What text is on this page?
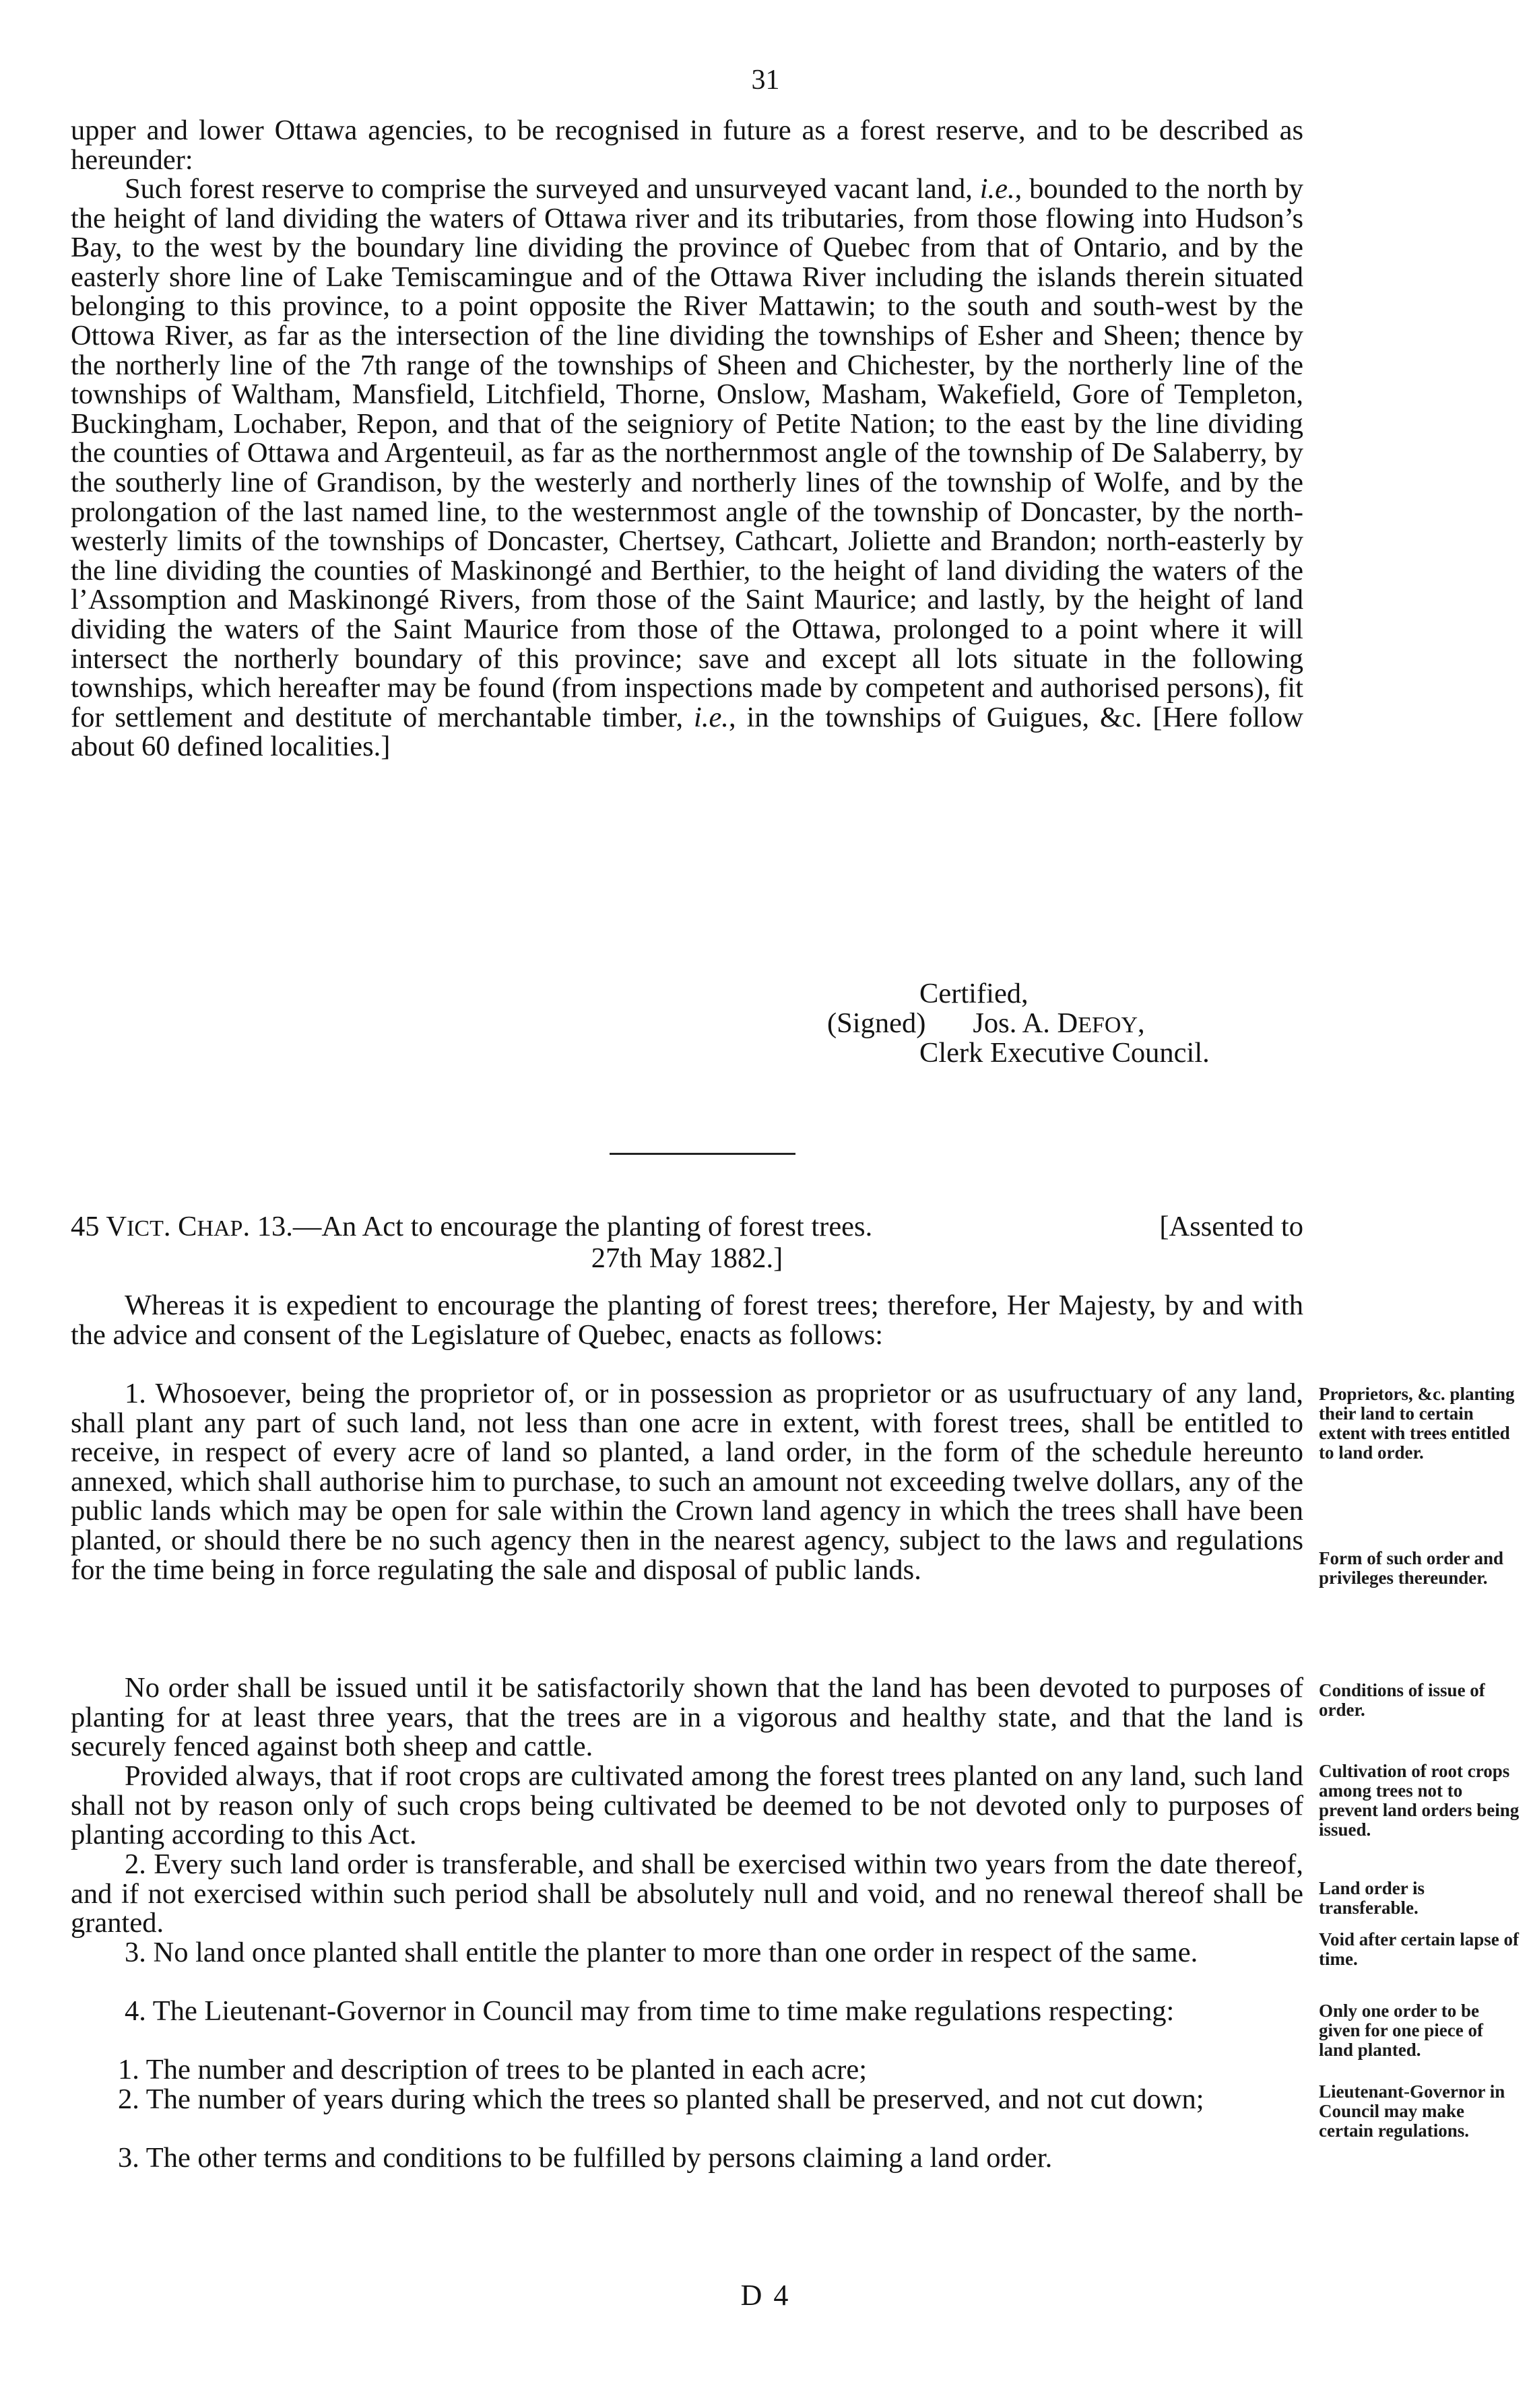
31

upper and lower Ottawa agencies, to be recognised in future as a forest reserve, and to be described as hereunder:

Such forest reserve to comprise the surveyed and unsurveyed vacant land, i.e., bounded to the north by the height of land dividing the waters of Ottawa river and its tributaries, from those flowing into Hudson’s Bay, to the west by the boundary line dividing the province of Quebec from that of Ontario, and by the easterly shore line of Lake Temiscamingue and of the Ottawa River including the islands therein situated belonging to this province, to a point opposite the River Mattawin; to the south and south-west by the Ottowa River, as far as the intersection of the line dividing the townships of Esher and Sheen; thence by the northerly line of the 7th range of the townships of Sheen and Chichester, by the northerly line of the townships of Waltham, Mansfield, Litchfield, Thorne, Onslow, Masham, Wakefield, Gore of Templeton, Buckingham, Lochaber, Repon, and that of the seigniory of Petite Nation; to the east by the line dividing the counties of Ottawa and Argenteuil, as far as the northernmost angle of the township of De Salaberry, by the southerly line of Grandison, by the westerly and northerly lines of the township of Wolfe, and by the prolongation of the last named line, to the westernmost angle of the township of Doncaster, by the north-westerly limits of the townships of Doncaster, Chertsey, Cathcart, Joliette and Brandon; north-easterly by the line dividing the counties of Maskinongé and Berthier, to the height of land dividing the waters of the l’Assomption and Maskinongé Rivers, from those of the Saint Maurice; and lastly, by the height of land dividing the waters of the Saint Maurice from those of the Ottawa, prolonged to a point where it will intersect the northerly boundary of this province; save and except all lots situate in the following townships, which hereafter may be found (from inspections made by competent and authorised persons), fit for settlement and destitute of merchantable timber, i.e., in the townships of Guigues, &c. [Here follow about 60 defined localities.]

Certified,
(Signed) Jos. A. DEFOY,
Clerk Executive Council.
45 VICT. CHAP. 13.—An Act to encourage the planting of forest trees.	[Assented to
27th May 1882.]

Whereas it is expedient to encourage the planting of forest trees; therefore, Her Majesty, by and with the advice and consent of the Legislature of Quebec, enacts as follows:

1. Whosoever, being the proprietor of, or in possession as proprietor or as usufructuary of any land, shall plant any part of such land, not less than one acre in extent, with forest trees, shall be entitled to receive, in respect of every acre of land so planted, a land order, in the form of the schedule hereunto annexed, which shall authorise him to purchase, to such an amount not exceeding twelve dollars, any of the public lands which may be open for sale within the Crown land agency in which the trees shall have been planted, or should there be no such agency then in the nearest agency, subject to the laws and regulations for the time being in force regulating the sale and disposal of public lands.

No order shall be issued until it be satisfactorily shown that the land has been devoted to purposes of planting for at least three years, that the trees are in a vigorous and healthy state, and that the land is securely fenced against both sheep and cattle.

Provided always, that if root crops are cultivated among the forest trees planted on any land, such land shall not by reason only of such crops being cultivated be deemed to be not devoted only to purposes of planting according to this Act.

2. Every such land order is transferable, and shall be exercised within two years from the date thereof, and if not exercised within such period shall be absolutely null and void, and no renewal thereof shall be granted.

3. No land once planted shall entitle the planter to more than one order in respect of the same.

4. The Lieutenant-Governor in Council may from time to time make regulations respecting:

1. The number and description of trees to be planted in each acre;

2. The number of years during which the trees so planted shall be preserved, and not cut down;

3. The other terms and conditions to be fulfilled by persons claiming a land order.

Proprietors, &c. planting their land to certain extent with trees entitled to land order.
Form of such order and privileges thereunder.
Conditions of issue of order.
Cultivation of root crops among trees not to prevent land orders being issued.
Land order is transferable.
Void after certain lapse of time.
Only one order to be given for one piece of land planted.
Lieutenant-Governor in Council may make certain regulations.
D 4
